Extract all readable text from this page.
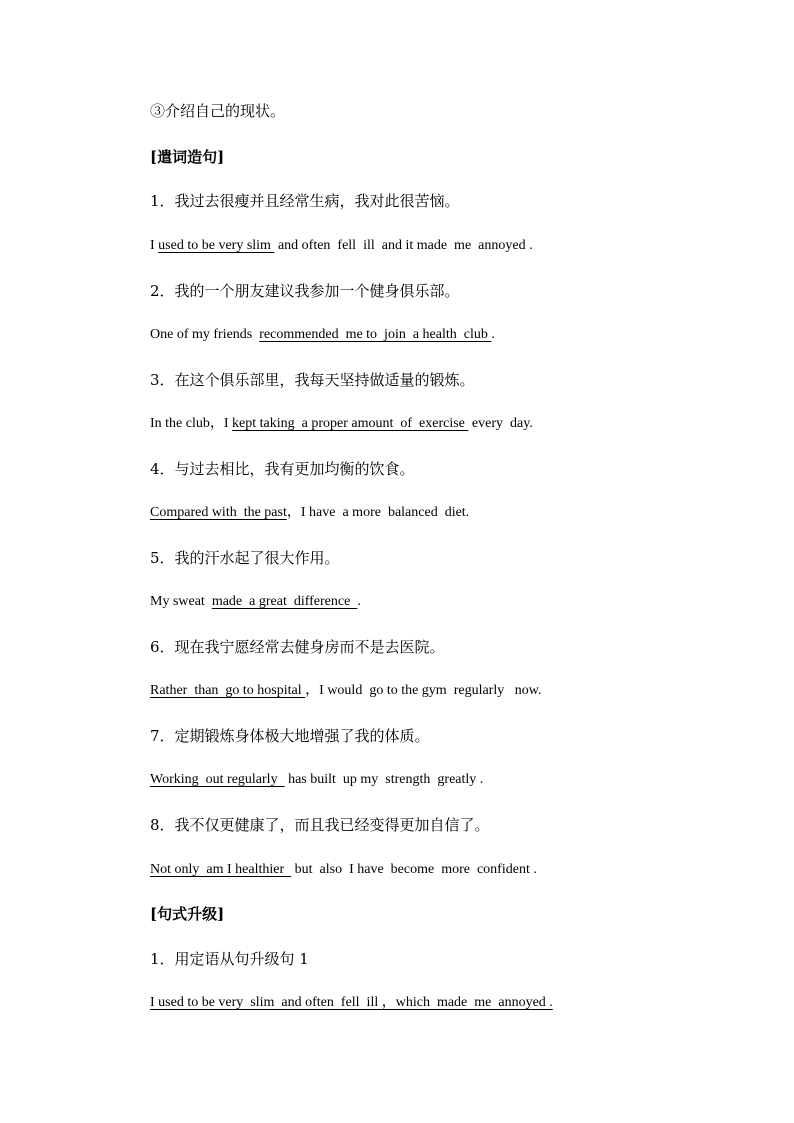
③介绍自己的现状。
[遣词造句]
1．我过去很瘦并且经常生病，我对此很苦恼。
I used to be very slim  and often  fell  ill  and it made  me  annoyed .
2．我的一个朋友建议我参加一个健身俱乐部。
One of my friends  recommended  me to  join  a health  club .
3．在这个俱乐部里，我每天坚持做适量的锻炼。
In the club，I kept taking  a proper amount  of  exercise  every  day.
4．与过去相比，我有更加均衡的饮食。
Compared with  the past，I have  a more  balanced  diet.
5．我的汗水起了很大作用。
My sweat  made  a great  difference  .
6．现在我宁愿经常去健身房而不是去医院。
Rather  than  go to hospital ，I would  go to the gym  regularly   now.
7．定期锻炼身体极大地增强了我的体质。
Working  out regularly   has built  up my  strength  greatly .
8．我不仅更健康了，而且我已经变得更加自信了。
Not only  am I healthier   but  also  I have  become  more  confident .
[句式升级]
1．用定语从句升级句 1
I used to be very  slim  and often  fell  ill ，which  made  me  annoyed .
